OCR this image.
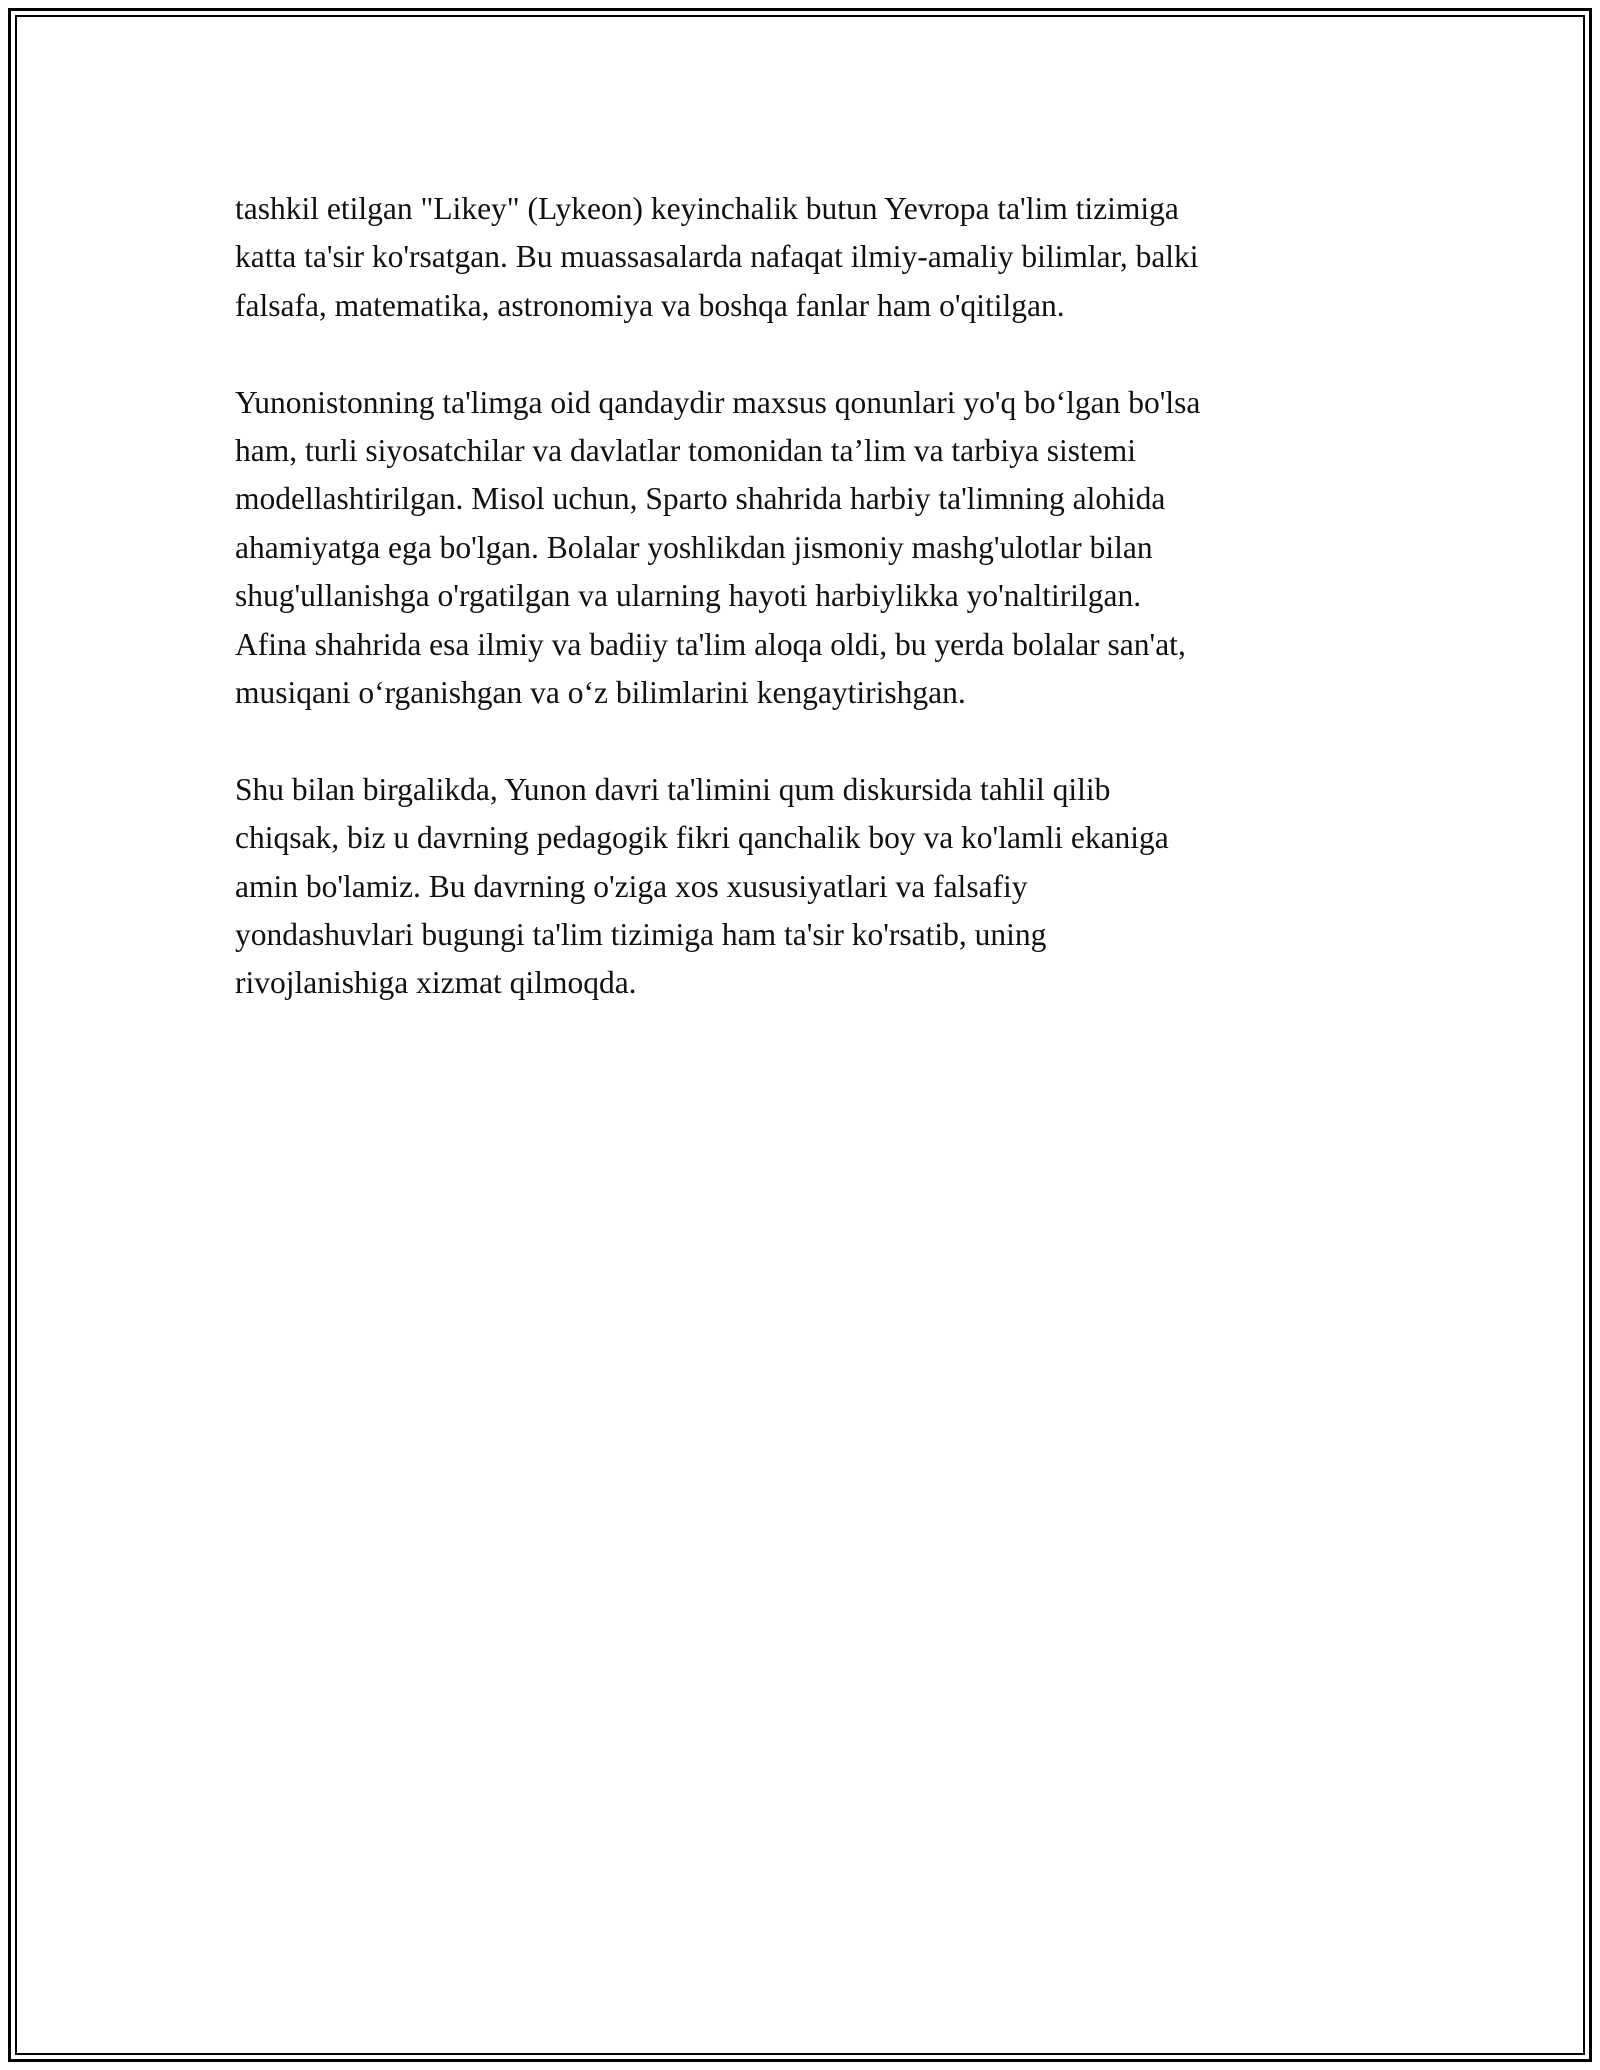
tashkil etilgan "Likey" (Lykeon) keyinchalik butun Yevropa ta'lim tizimiga
katta ta'sir ko'rsatgan. Bu muassasalarda nafaqat ilmiy-amaliy bilimlar, balki
falsafa, matematika, astronomiya va boshqa fanlar ham o'qitilgan.

Yunonistonning ta'limga oid qandaydir maxsus qonunlari yo'q bo‘lgan bo'lsa
ham, turli siyosatchilar va davlatlar tomonidan ta’lim va tarbiya sistemi
modellashtirilgan. Misol uchun, Sparto shahrida harbiy ta'limning alohida
ahamiyatga ega bo'lgan. Bolalar yoshlikdan jismoniy mashg'ulotlar bilan
shug'ullanishga o'rgatilgan va ularning hayoti harbiylikka yo'naltirilgan.
Afina shahrida esa ilmiy va badiiy ta'lim aloqa oldi, bu yerda bolalar san'at,
musiqani o‘rganishgan va o‘z bilimlarini kengaytirishgan.

Shu bilan birgalikda, Yunon davri ta'limini qum diskursida tahlil qilib
chiqsak, biz u davrning pedagogik fikri qanchalik boy va ko'lamli ekaniga
amin bo'lamiz. Bu davrning o'ziga xos xususiyatlari va falsafiy
yondashuvlari bugungi ta'lim tizimiga ham ta'sir ko'rsatib, uning
rivojlanishiga xizmat qilmoqda.
